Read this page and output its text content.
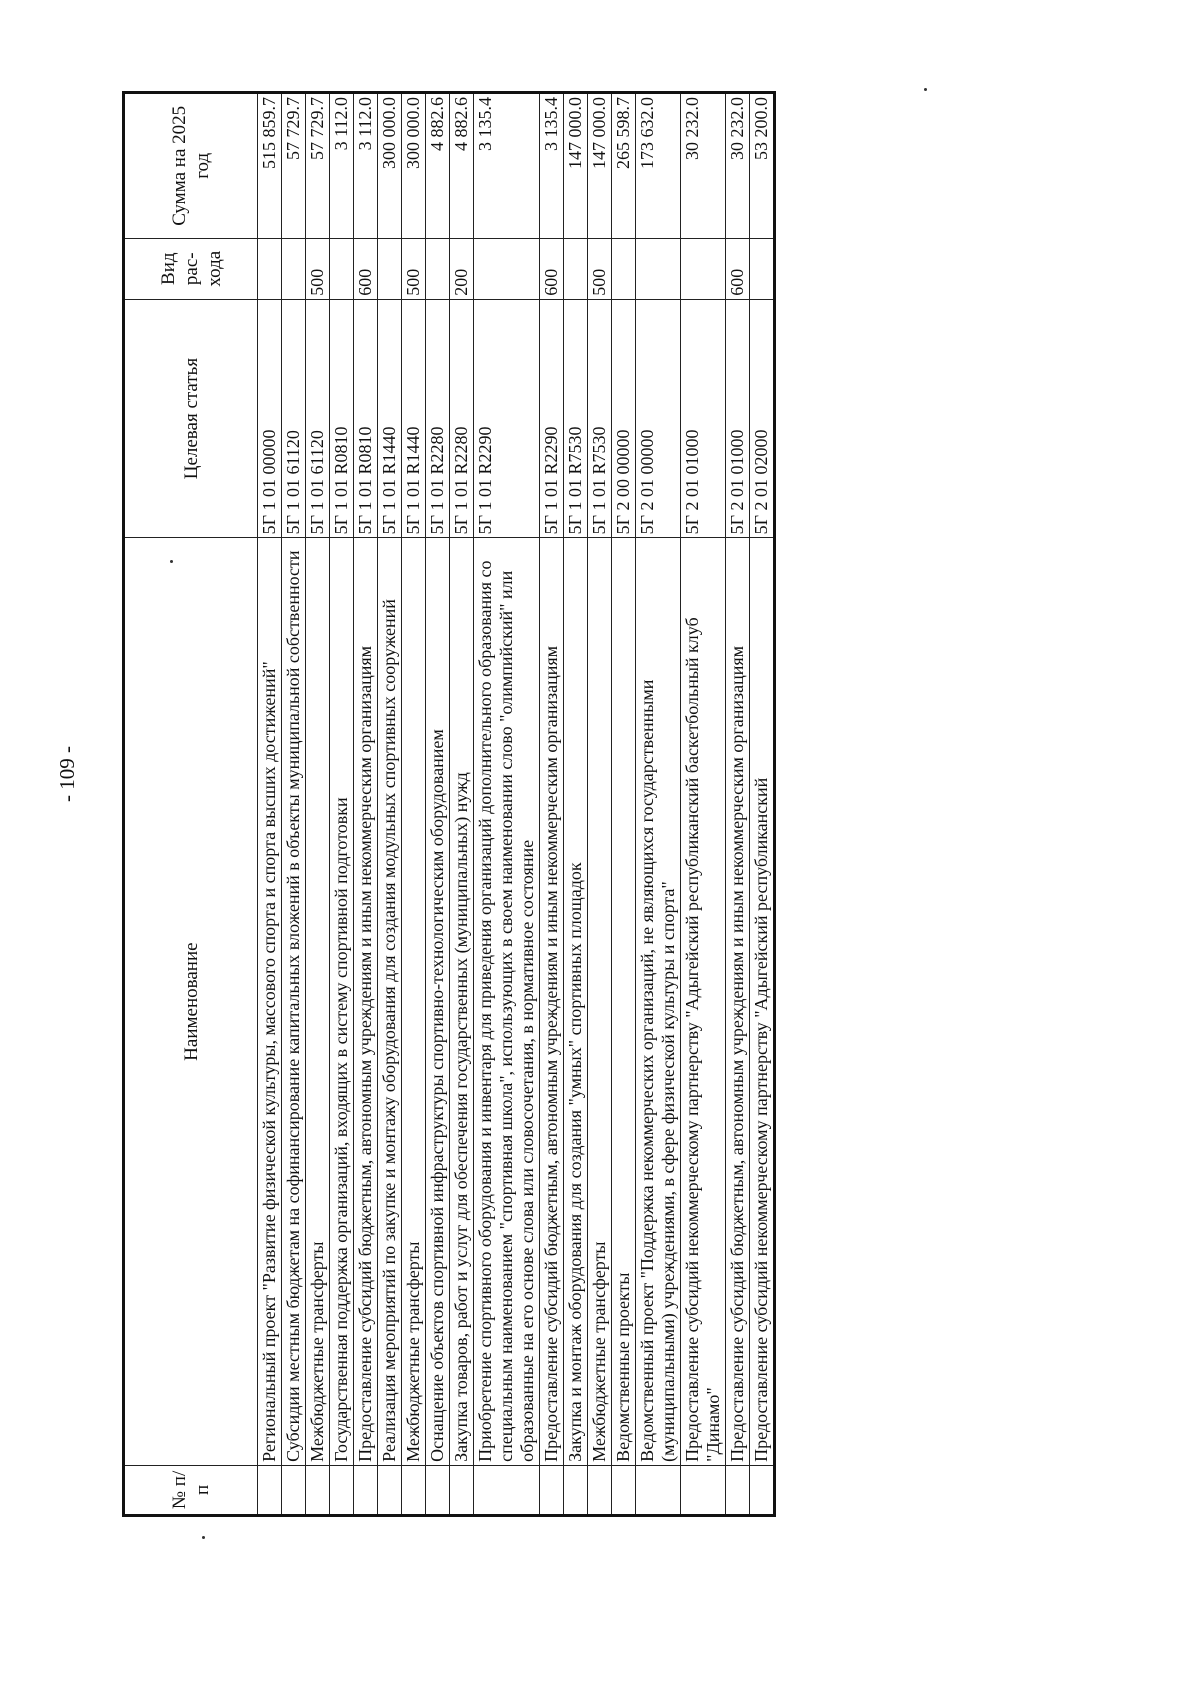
- 109 -
№ п/п	Наименование	Целевая статья	Вид рас-хода	Сумма на 2025 год
	Региональный проект "Развитие физической культуры, массового спорта и спорта высших достижений"	5Г 1 01 00000		515 859.7
	Субсидии местным бюджетам на софинансирование капитальных вложений в объекты муниципальной собственности	5Г 1 01 61120		57 729.7
	Межбюджетные трансферты	5Г 1 01 61120	500	57 729.7
	Государственная поддержка организаций, входящих в систему спортивной подготовки	5Г 1 01 R0810		3 112.0
	Предоставление субсидий бюджетным, автономным учреждениям и иным некоммерческим организациям	5Г 1 01 R0810	600	3 112.0
	Реализация мероприятий по закупке и монтажу оборудования для создания модульных спортивных сооружений	5Г 1 01 R1440		300 000.0
	Межбюджетные трансферты	5Г 1 01 R1440	500	300 000.0
	Оснащение объектов спортивной инфраструктуры спортивно-технологическим оборудованием	5Г 1 01 R2280		4 882.6
	Закупка товаров, работ и услуг для обеспечения государственных (муниципальных) нужд	5Г 1 01 R2280	200	4 882.6
	Приобретение спортивного оборудования и инвентаря для приведения организаций дополнительного образования со специальным наименованием "спортивная школа", использующих в своем наименовании слово "олимпийский" или образованные на его основе слова или словосочетания, в нормативное состояние	5Г 1 01 R2290		3 135.4
	Предоставление субсидий бюджетным, автономным учреждениям и иным некоммерческим организациям	5Г 1 01 R2290	600	3 135.4
	Закупка и монтаж оборудования для создания "умных" спортивных площадок	5Г 1 01 R7530		147 000.0
	Межбюджетные трансферты	5Г 1 01 R7530	500	147 000.0
	Ведомственные проекты	5Г 2 00 00000		265 598.7
	Ведомственный проект "Поддержка некоммерческих организаций, не являющихся государственными (муниципальными) учреждениями, в сфере физической культуры и спорта"	5Г 2 01 00000		173 632.0
	Предоставление субсидий некоммерческому партнерству "Адыгейский республиканский баскетбольный клуб "Динамо"	5Г 2 01 01000		30 232.0
	Предоставление субсидий бюджетным, автономным учреждениям и иным некоммерческим организациям	5Г 2 01 01000	600	30 232.0
	Предоставление субсидий некоммерческому партнерству "Адыгейский республиканский	5Г 2 01 02000		53 200.0
